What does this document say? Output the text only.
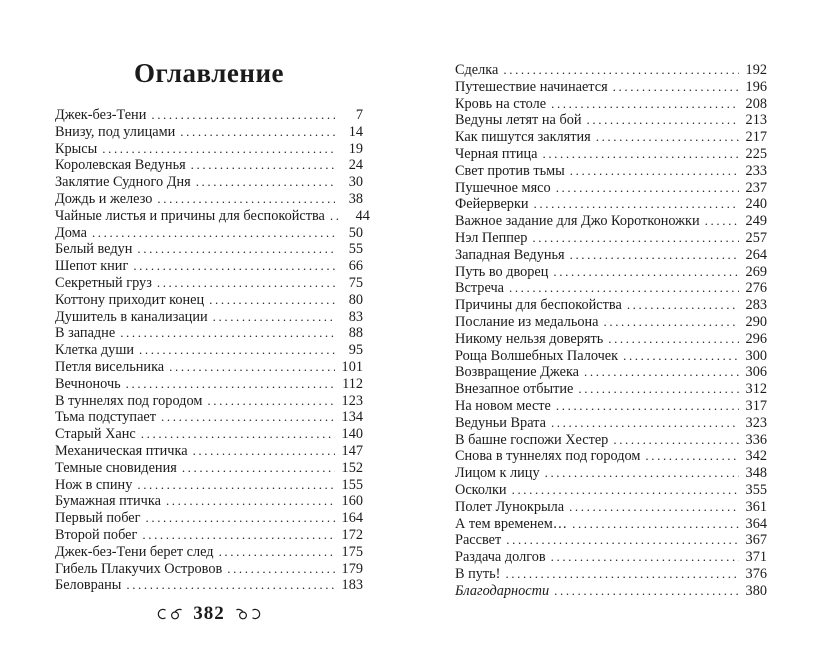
Оглавление
Джек-без-Тени .....	7
Внизу, под улицами .....	14
Крысы .....	19
Королевская Ведунья .....	24
Заклятие Судного Дня .....	30
Дождь и железо .....	38
Чайные листья и причины для беспокойства .....	44
Дома .....	50
Белый ведун .....	55
Шепот книг .....	66
Секретный груз .....	75
Коттону приходит конец .....	80
Душитель в канализации .....	83
В западне .....	88
Клетка души .....	95
Петля висельника .....	101
Вечноночь .....	112
В туннелях под городом .....	123
Тьма подступает .....	134
Старый Ханс .....	140
Механическая птичка .....	147
Темные сновидения .....	152
Нож в спину .....	155
Бумажная птичка .....	160
Первый побег .....	164
Второй побег .....	172
Джек-без-Тени берет след .....	175
Гибель Плакучих Островов .....	179
Беловраны .....	183
Сделка .....	192
Путешествие начинается .....	196
Кровь на столе .....	208
Ведуны летят на бой .....	213
Как пишутся заклятия .....	217
Черная птица .....	225
Свет против тьмы .....	233
Пушечное мясо .....	237
Фейерверки .....	240
Важное задание для Джо Коротконожки .....	249
Нэл Пеппер .....	257
Западная Ведунья .....	264
Путь во дворец .....	269
Встреча .....	276
Причины для беспокойства .....	283
Послание из медальона .....	290
Никому нельзя доверять .....	296
Роща Волшебных Палочек .....	300
Возвращение Джека .....	306
Внезапное отбытие .....	312
На новом месте .....	317
Ведуньи Врата .....	323
В башне госпожи Хестер .....	336
Снова в туннелях под городом .....	342
Лицом к лицу .....	348
Осколки .....	355
Полет Лунокрыла .....	361
А тем временем… .....	364
Рассвет .....	367
Раздача долгов .....	371
В путь! .....	376
Благодарности .....	380
382
